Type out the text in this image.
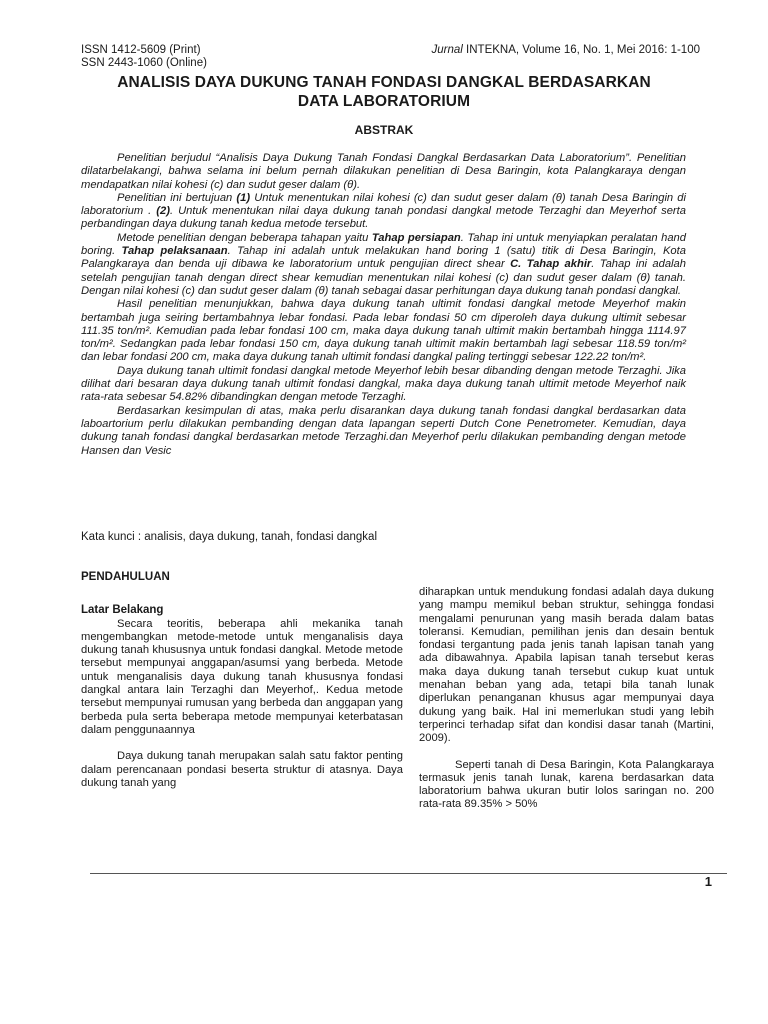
ISSN 1412-5609 (Print)
SSN 2443-1060 (Online)
Jurnal INTEKNA, Volume 16, No. 1, Mei 2016: 1-100
ANALISIS DAYA DUKUNG TANAH FONDASI DANGKAL BERDASARKAN
DATA LABORATORIUM
ABSTRAK

Penelitian berjudul “Analisis Daya Dukung Tanah Fondasi Dangkal Berdasarkan Data Laboratorium”. Penelitian dilatarbelakangi, bahwa selama ini belum pernah dilakukan penelitian di Desa Baringin, kota Palangkaraya dengan mendapatkan nilai kohesi (c) dan sudut geser dalam (θ).

Penelitian ini bertujuan (1) Untuk menentukan nilai kohesi (c) dan sudut geser dalam (θ) tanah Desa Baringin di laboratorium . (2). Untuk menentukan nilai daya dukung tanah pondasi dangkal metode Terzaghi dan Meyerhof serta perbandingan daya dukung tanah kedua metode tersebut.

Metode penelitian dengan beberapa tahapan yaitu Tahap persiapan. Tahap ini untuk menyiapkan peralatan hand boring. Tahap pelaksanaan. Tahap ini adalah untuk melakukan hand boring 1 (satu) titik di Desa Baringin, Kota Palangkaraya dan benda uji dibawa ke laboratorium untuk pengujian direct shear C. Tahap akhir. Tahap ini adalah setelah pengujian tanah dengan direct shear kemudian menentukan nilai kohesi (c) dan sudut geser dalam (θ) tanah. Dengan nilai kohesi (c) dan sudut geser dalam (θ) tanah sebagai dasar perhitungan daya dukung tanah pondasi dangkal.

Hasil penelitian menunjukkan, bahwa daya dukung tanah ultimit fondasi dangkal metode Meyerhof makin bertambah juga seiring bertambahnya lebar fondasi. Pada lebar fondasi 50 cm diperoleh daya dukung ultimit sebesar 111.35 ton/m². Kemudian pada lebar fondasi 100 cm, maka daya dukung tanah ultimit makin bertambah hingga 1114.97 ton/m². Sedangkan pada lebar fondasi 150 cm, daya dukung tanah ultimit makin bertambah lagi sebesar 118.59 ton/m² dan lebar fondasi 200 cm, maka daya dukung tanah ultimit fondasi dangkal paling tertinggi sebesar 122.22 ton/m².

Daya dukung tanah ultimit fondasi dangkal metode Meyerhof lebih besar dibanding dengan metode Terzaghi. Jika dilihat dari besaran daya dukung tanah ultimit fondasi dangkal, maka daya dukung tanah ultimit metode Meyerhof naik rata-rata sebesar 54.82% dibandingkan dengan metode Terzaghi.

Berdasarkan kesimpulan di atas, maka perlu disarankan daya dukung tanah fondasi dangkal berdasarkan data laboartorium perlu dilakukan pembanding dengan data lapangan seperti Dutch Cone Penetrometer. Kemudian, daya dukung tanah fondasi dangkal berdasarkan metode Terzaghi.dan Meyerhof perlu dilakukan pembanding dengan metode Hansen dan Vesic

Kata kunci : analisis, daya dukung, tanah, fondasi dangkal

PENDAHULUAN

Latar Belakang

Secara teoritis, beberapa ahli mekanika tanah mengembangkan metode-metode untuk menganalisis daya dukung tanah khususnya untuk fondasi dangkal. Metode metode tersebut mempunyai anggapan/asumsi yang berbeda. Metode untuk menganalisis daya dukung tanah khususnya fondasi dangkal antara lain Terzaghi dan Meyerhof,. Kedua metode tersebut mempunyai rumusan yang berbeda dan anggapan yang berbeda pula serta beberapa metode mempunyai keterbatasan dalam penggunaannya

Daya dukung tanah merupakan salah satu faktor penting dalam perencanaan pondasi beserta struktur di atasnya. Daya dukung tanah yang

diharapkan untuk mendukung fondasi adalah daya dukung yang mampu memikul beban struktur, sehingga fondasi mengalami penurunan yang masih berada dalam batas toleransi. Kemudian, pemilihan jenis dan desain bentuk fondasi tergantung pada jenis tanah lapisan tanah yang ada dibawahnya. Apabila lapisan tanah tersebut keras maka daya dukung tanah tersebut cukup kuat untuk menahan beban yang ada, tetapi bila tanah lunak diperlukan penanganan khusus agar mempunyai daya dukung yang baik. Hal ini memerlukan studi yang lebih terperinci terhadap sifat dan kondisi dasar tanah (Martini, 2009).

Seperti tanah di Desa Baringin, Kota Palangkaraya termasuk jenis tanah lunak, karena berdasarkan data laboratorium bahwa ukuran butir lolos saringan no. 200 rata-rata 89.35% > 50%

1
